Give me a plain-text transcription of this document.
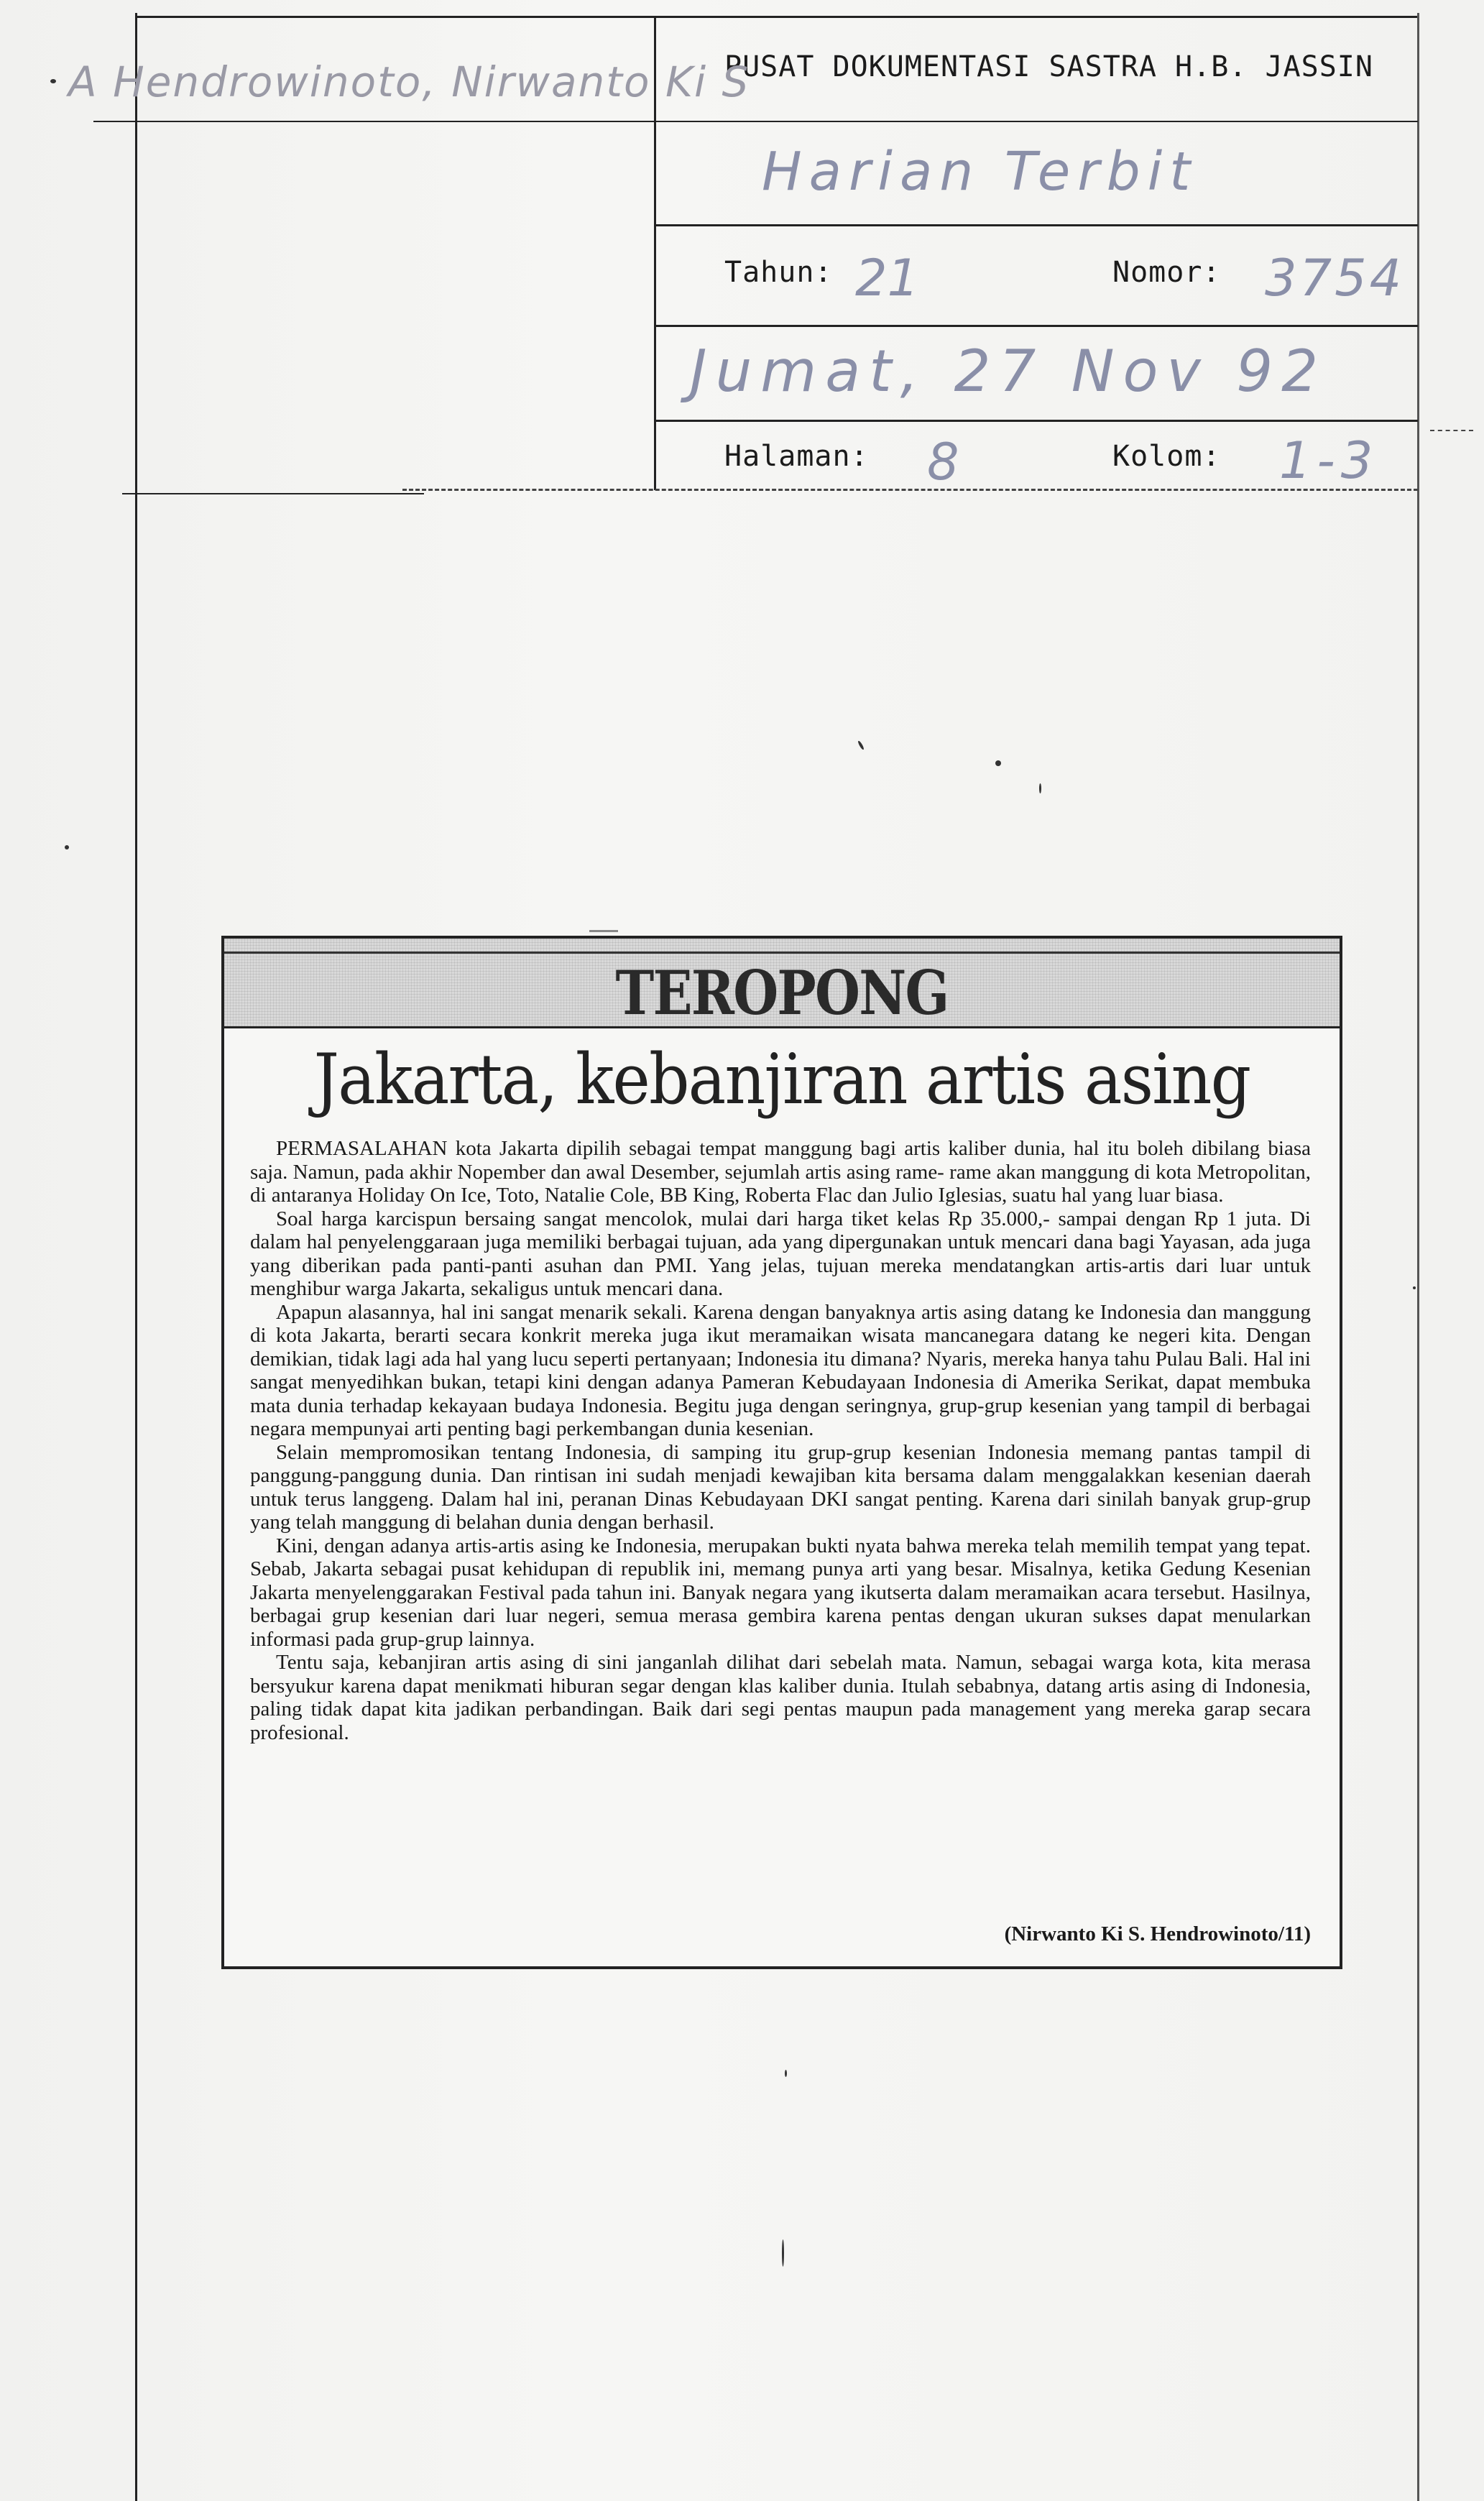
PUSAT DOKUMENTASI SASTRA H.B. JASSIN
A Hendrowinoto, Nirwanto Ki S
Harian Terbit
Tahun: 21	Nomor: 3754
Jumat, 27 Nov 92
Halaman: 8	Kolom: 1-3
TEROPONG
Jakarta, kebanjiran artis asing

PERMASALAHAN kota Jakarta dipilih sebagai tempat manggung bagi artis kaliber dunia, hal itu boleh dibilang biasa saja. Namun, pada akhir Nopember dan awal Desember, sejumlah artis asing rame- rame akan manggung di kota Metropolitan, di antaranya Holiday On Ice, Toto, Natalie Cole, BB King, Roberta Flac dan Julio Iglesias, suatu hal yang luar biasa.

Soal harga karcispun bersaing sangat mencolok, mulai dari harga tiket kelas Rp 35.000,- sampai dengan Rp 1 juta. Di dalam hal penyelenggaraan juga memiliki berbagai tujuan, ada yang dipergunakan untuk mencari dana bagi Yayasan, ada juga yang diberikan pada panti-panti asuhan dan PMI. Yang jelas, tujuan mereka mendatangkan artis-artis dari luar untuk menghibur warga Jakarta, sekaligus untuk mencari dana.

Apapun alasannya, hal ini sangat menarik sekali. Karena dengan banyaknya artis asing datang ke Indonesia dan manggung di kota Jakarta, berarti secara konkrit mereka juga ikut meramaikan wisata mancanegara datang ke negeri kita. Dengan demikian, tidak lagi ada hal yang lucu seperti pertanyaan; Indonesia itu dimana? Nyaris, mereka hanya tahu Pulau Bali. Hal ini sangat menyedihkan bukan, tetapi kini dengan adanya Pameran Kebudayaan Indonesia di Amerika Serikat, dapat membuka mata dunia terhadap kekayaan budaya Indonesia. Begitu juga dengan seringnya, grup-grup kesenian yang tampil di berbagai negara mempunyai arti penting bagi perkembangan dunia kesenian.

Selain mempromosikan tentang Indonesia, di samping itu grup-grup kesenian Indonesia memang pantas tampil di panggung-panggung dunia. Dan rintisan ini sudah menjadi kewajiban kita bersama dalam menggalakkan kesenian daerah untuk terus langgeng. Dalam hal ini, peranan Dinas Kebudayaan DKI sangat penting. Karena dari sinilah banyak grup-grup yang telah manggung di belahan dunia dengan berhasil.

Kini, dengan adanya artis-artis asing ke Indonesia, merupakan bukti nyata bahwa mereka telah memilih tempat yang tepat. Sebab, Jakarta sebagai pusat kehidupan di republik ini, memang punya arti yang besar. Misalnya, ketika Gedung Kesenian Jakarta menyelenggarakan Festival pada tahun ini. Banyak negara yang ikutserta dalam meramaikan acara tersebut. Hasilnya, berbagai grup kesenian dari luar negeri, semua merasa gembira karena pentas dengan ukuran sukses dapat menularkan informasi pada grup-grup lainnya.

Tentu saja, kebanjiran artis asing di sini janganlah dilihat dari sebelah mata. Namun, sebagai warga kota, kita merasa bersyukur karena dapat menikmati hiburan segar dengan klas kaliber dunia. Itulah sebabnya, datang artis asing di Indonesia, paling tidak dapat kita jadikan perbandingan. Baik dari segi pentas maupun pada management yang mereka garap secara profesional.

(Nirwanto Ki S. Hendrowinoto/11)
